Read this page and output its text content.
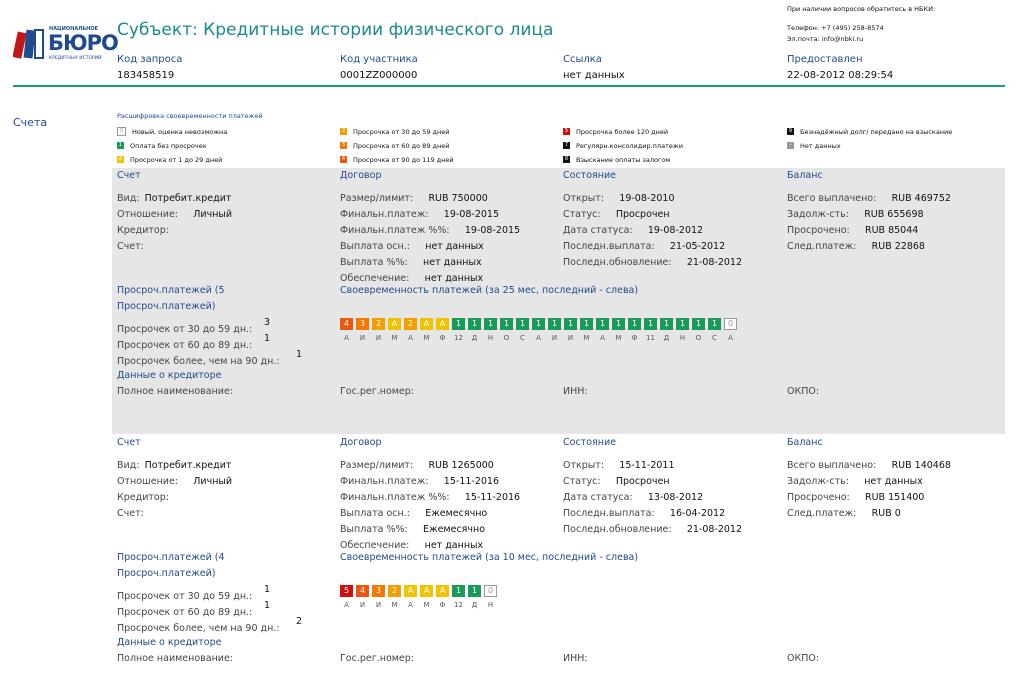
НАЦИОНАЛЬНОЕ
БЮРО
КРЕДИТНЫХ ИСТОРИЙ
Субъект: Кредитные истории физического лица
При наличии вопросов обратитесь в НБКИ:
Телефон: +7 (495) 258-8574
Эл.почта: info@nbki.ru
Код запроса
183458519
Код участника
0001ZZ000000
Ссылка
нет данных
Предоставлен
22-08-2012 08:29:54
Счета	Расшифровка своевременности платежей
0	Новый, оценка невозможна
1 Оплата без просрочек
A Просрочка от 1 до 29 дней
2 Просрочка от 30 до 59 дней
3 Просрочка от 60 до 89 дней
4 Просрочка от 90 до 119 дней
5 Просрочка более 120 дней
7 Регулярн.консолидир.платежи
8 Взыскание оплаты залогом
9 Безнадёжный долг/ передано на взыскание
–	Нет данных
Счет
Вид: Потребит.кредит
Отношение: Личный
Кредитор:
Счет:
Договор
Размер/лимит: RUB 750000
Финальн.платеж: 19-08-2015
Финальн.платеж %%: 19-08-2015
Выплата осн.: нет данных
Выплата %%: нет данных
Обеспечение: нет данных
Состояние
Открыт: 19-08-2010
Статус: Просрочен
Дата статуса: 19-08-2012
Последн.выплата: 21-05-2012
Последн.обновление: 21-08-2012
Баланс
Всего выплачено: RUB 469752
Задолж-сть: RUB 655698
Просрочено: RUB 85044
След.платеж: RUB 22868
Просроч.платежей (5
Просроч.платежей)
Просрочек от 30 до 59 дн.:
3
Просрочек от 60 до 89 дн.:
1
Просрочек более, чем на 90 дн.:
1
Своевременность платежей (за 25 мес, последний - слева)
4	3	2	A	2	A	A	1	1	1	1	1	1	1	1	1	1	1	1	1	1	1	1	1	0
А	И	И	М	А	М	Ф	12	Д	Н	О	С	А	И	И	М	А	М	Ф	11	Д	Н	О	С	А
Данные о кредиторе
Полное наименование:	Гос.рег.номер:	ИНН:	ОКПО:
Счет
Вид: Потребит.кредит
Отношение: Личный
Кредитор:
Счет:
Договор
Размер/лимит: RUB 1265000
Финальн.платеж: 15-11-2016
Финальн.платеж %%: 15-11-2016
Выплата осн.: Ежемесячно
Выплата %%: Ежемесячно
Обеспечение: нет данных
Состояние
Открыт: 15-11-2011
Статус: Просрочен
Дата статуса: 13-08-2012
Последн.выплата: 16-04-2012
Последн.обновление: 21-08-2012
Баланс
Всего выплачено: RUB 140468
Задолж-сть: нет данных
Просрочено: RUB 151400
След.платеж: RUB 0
Просроч.платежей (4
Просроч.платежей)
Просрочек от 30 до 59 дн.:
1
Просрочек от 60 до 89 дн.:
1
Просрочек более, чем на 90 дн.:
2
Своевременность платежей (за 10 мес, последний - слева)
5	4	3	2	A	A	A	1	1	0
А	И	И	М	А	М	Ф	12	Д	Н
Данные о кредиторе
Полное наименование:	Гос.рег.номер:	ИНН:	ОКПО:
